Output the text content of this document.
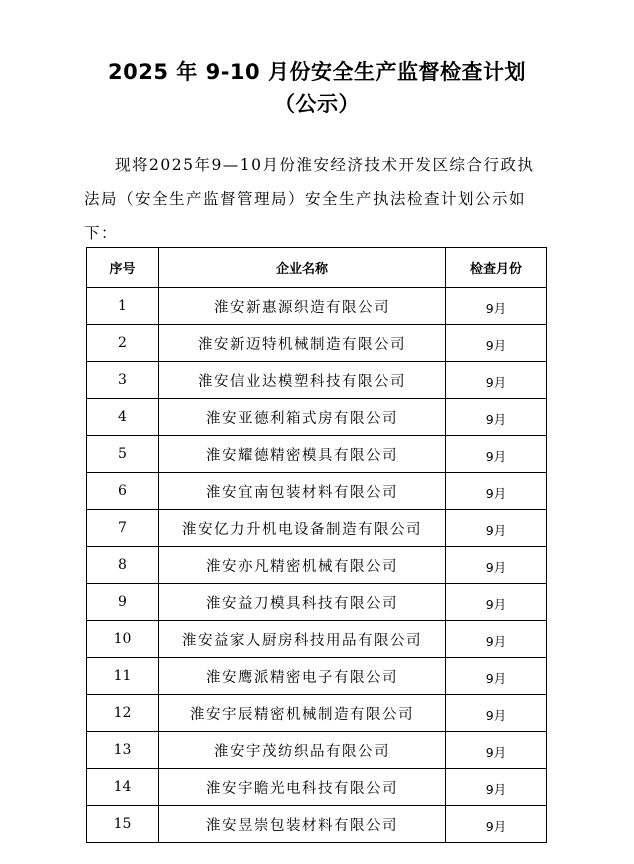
2025 年 9-10 月份安全生产监督检查计划
（公示）

现将2025年9—10月份淮安经济技术开发区综合行政执法局（安全生产监督管理局）安全生产执法检查计划公示如下：

序号	企业名称	检查月份
1	淮安新惠源织造有限公司	9月
2	淮安新迈特机械制造有限公司	9月
3	淮安信业达模塑科技有限公司	9月
4	淮安亚德利箱式房有限公司	9月
5	淮安耀德精密模具有限公司	9月
6	淮安宜南包装材料有限公司	9月
7	淮安亿力升机电设备制造有限公司	9月
8	淮安亦凡精密机械有限公司	9月
9	淮安益刀模具科技有限公司	9月
10	淮安益家人厨房科技用品有限公司	9月
11	淮安鹰派精密电子有限公司	9月
12	淮安宇辰精密机械制造有限公司	9月
13	淮安宇茂纺织品有限公司	9月
14	淮安宇瞻光电科技有限公司	9月
15	淮安昱崇包装材料有限公司	9月
